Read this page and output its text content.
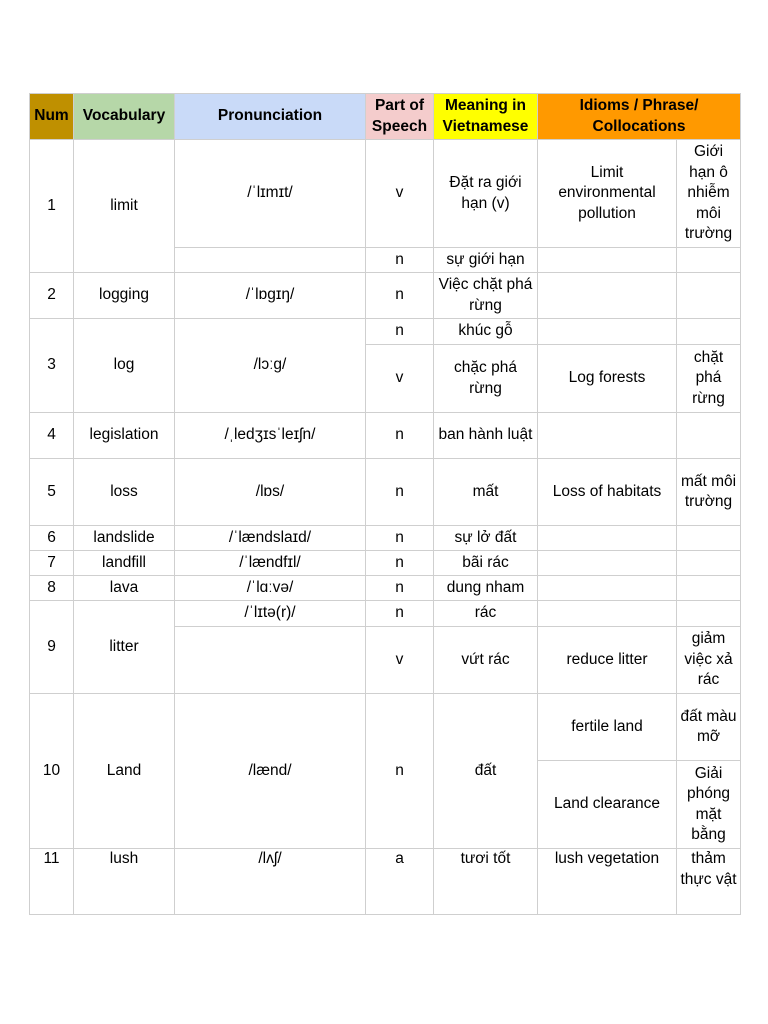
Num	Vocabulary	Pronunciation	Part of Speech	Meaning in Vietnamese	Idioms / Phrase/ Collocations	
1	limit	/ˈlɪmɪt/	v	Đặt ra giới hạn (v)	Limit environmental pollution	Giới hạn ô nhiễm môi trường
			n	sự giới hạn		
2	logging	/ˈlɒɡɪŋ/	n	Việc chặt phá rừng		
3	log	/lɔːɡ/	n	khúc gỗ		
			v	chặc phá rừng	Log forests	chặt phá rừng
4	legislation	/ˌledʒɪsˈleɪʃn/	n	ban hành luật		
5	loss	/lɒs/	n	mất	Loss of habitats	mất môi trường
6	landslide	/ˈlændslaɪd/	n	sự lở đất		
7	landfill	/ˈlændfɪl/	n	bãi rác		
8	lava	/ˈlɑːvə/	n	dung nham		
9	litter	/ˈlɪtə(r)/	n	rác		
			v	vứt rác	reduce litter	giảm việc xả rác
10	Land	/lænd/	n	đất	fertile land	đất màu mỡ
					Land clearance	Giải phóng mặt bằng
11	lush	/lʌʃ/	a	tươi tốt	lush vegetation	thảm thực vật
